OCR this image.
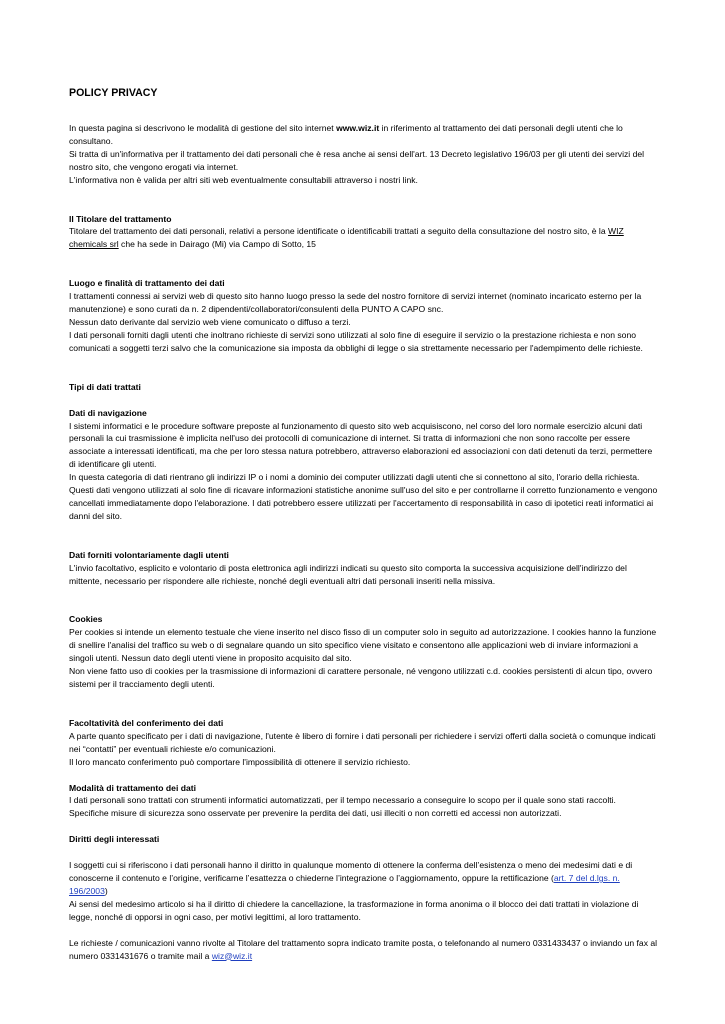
POLICY PRIVACY

In questa pagina si descrivono le modalità di gestione del sito internet www.wiz.it in riferimento al trattamento dei dati personali degli utenti che lo consultano.

Si tratta di un'informativa per il trattamento dei dati personali che è resa anche ai sensi dell'art. 13 Decreto legislativo 196/03 per gli utenti dei servizi del nostro sito, che vengono erogati via internet.

L'informativa non è valida per altri siti web eventualmente consultabili attraverso i nostri link.

Il Titolare del trattamento

Titolare del trattamento dei dati personali, relativi a persone identificate o identificabili trattati a seguito della consultazione del nostro sito, è la WIZ chemicals srl che ha sede in Dairago (Mi) via Campo di Sotto, 15

Luogo e finalità di trattamento dei dati

I trattamenti connessi ai servizi web di questo sito hanno luogo presso la sede del nostro fornitore di servizi internet (nominato incaricato esterno per la manutenzione) e sono curati da n. 2 dipendenti/collaboratori/consulenti della PUNTO A CAPO snc.

Nessun dato derivante dal servizio web viene comunicato o diffuso a terzi.

I dati personali forniti dagli utenti che inoltrano richieste di servizi sono utilizzati al solo fine di eseguire il servizio o la prestazione richiesta e non sono comunicati a soggetti terzi salvo che la comunicazione sia imposta da obblighi di legge o sia strettamente necessario per l'adempimento delle richieste.

Tipi di dati trattati

Dati di navigazione

I sistemi informatici e le procedure software preposte al funzionamento di questo sito web acquisiscono, nel corso del loro normale esercizio alcuni dati personali la cui trasmissione è implicita nell'uso dei protocolli di comunicazione di internet. Si tratta di informazioni che non sono raccolte per essere associate a interessati identificati, ma che per loro stessa natura potrebbero, attraverso elaborazioni ed associazioni con dati detenuti da terzi, permettere di identificare gli utenti.

In questa categoria di dati rientrano gli indirizzi IP o i nomi a dominio dei computer utilizzati dagli utenti che si connettono al sito, l'orario della richiesta. Questi dati vengono utilizzati al solo fine di ricavare informazioni statistiche anonime sull'uso del sito e per controllarne il corretto funzionamento e vengono cancellati immediatamente dopo l'elaborazione. I dati potrebbero essere utilizzati per l'accertamento di responsabilità in caso di ipotetici reati informatici ai danni del sito.

Dati forniti volontariamente dagli utenti

L'invio facoltativo, esplicito e volontario di posta elettronica agli indirizzi indicati su questo sito comporta la successiva acquisizione dell'indirizzo del mittente, necessario per rispondere alle richieste, nonché degli eventuali altri dati personali inseriti nella missiva.

Cookies

Per cookies si intende un elemento testuale che viene inserito nel disco fisso di un computer solo in seguito ad autorizzazione. I cookies hanno la funzione di snellire l'analisi del traffico su web o di segnalare quando un sito specifico viene visitato e consentono alle applicazioni web di inviare informazioni a singoli utenti. Nessun dato degli utenti viene in proposito acquisito dal sito.

Non viene fatto uso di cookies per la trasmissione di informazioni di carattere personale, né vengono utilizzati c.d. cookies persistenti di alcun tipo, ovvero sistemi per il tracciamento degli utenti.

Facoltatività del conferimento dei dati

A parte quanto specificato per i dati di navigazione, l'utente è libero di fornire i dati personali per richiedere i servizi offerti dalla società o comunque indicati nei “contatti” per eventuali richieste e/o comunicazioni.

Il loro mancato conferimento può comportare l'impossibilità di ottenere il servizio richiesto.

Modalità di trattamento dei dati

I dati personali sono trattati con strumenti informatici automatizzati, per il tempo necessario a conseguire lo scopo per il quale sono stati raccolti.

Specifiche misure di sicurezza sono osservate per prevenire la perdita dei dati, usi illeciti o non corretti ed accessi non autorizzati.

Diritti degli interessati

I soggetti cui si riferiscono i dati personali hanno il diritto in qualunque momento di ottenere la conferma dell’esistenza o meno dei medesimi dati e di conoscerne il contenuto e l’origine, verificarne l’esattezza o chiederne l’integrazione o l’aggiornamento, oppure la rettificazione (art. 7 del d.lgs. n. 196/2003)

Ai sensi del medesimo articolo si ha il diritto di chiedere la cancellazione, la trasformazione in forma anonima o il blocco dei dati trattati in violazione di legge, nonché di opporsi in ogni caso, per motivi legittimi, al loro trattamento.

Le richieste / comunicazioni vanno rivolte al Titolare del trattamento sopra indicato tramite posta, o telefonando al numero 0331433437 o inviando un fax al numero 0331431676 o tramite mail a wiz@wiz.it
